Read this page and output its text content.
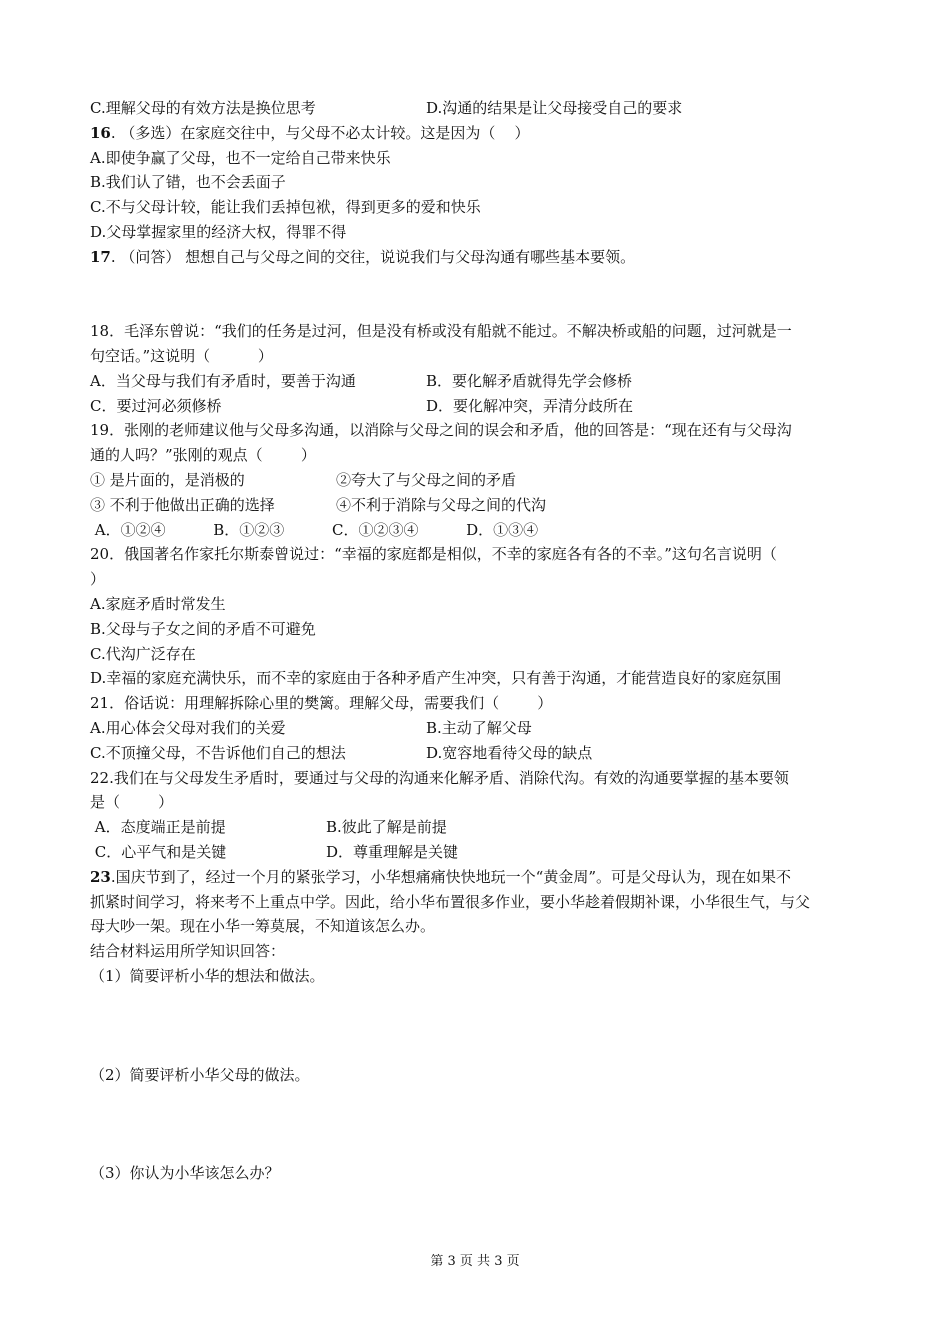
C.理解父母的有效方法是换位思考	D.沟通的结果是让父母接受自己的要求
16. （多选）在家庭交往中，与父母不必太计较。这是因为（    ）
A.即使争赢了父母，也不一定给自己带来快乐
B.我们认了错，也不会丢面子
C.不与父母计较，能让我们丢掉包袱，得到更多的爱和快乐
D.父母掌握家里的经济大权，得罪不得
17. （问答） 想想自己与父母之间的交往，说说我们与父母沟通有哪些基本要领。
18．毛泽东曾说：“我们的任务是过河，但是没有桥或没有船就不能过。不解决桥或船的问题，过河就是一
句空话。”这说明（          ）
A．当父母与我们有矛盾时，要善于沟通	B．要化解矛盾就得先学会修桥
C．要过河必须修桥	D．要化解冲突，弄清分歧所在
19．张刚的老师建议他与父母多沟通，以消除与父母之间的误会和矛盾，他的回答是：“现在还有与父母沟
通的人吗？”张刚的观点（        ）
① 是片面的，是消极的	②夸大了与父母之间的矛盾
③ 不利于他做出正确的选择	④不利于消除与父母之间的代沟
A．①②④          B．①②③          C．①②③④          D．①③④
20．俄国著名作家托尔斯泰曾说过：“幸福的家庭都是相似，不幸的家庭各有各的不幸。”这句名言说明（
）
A.家庭矛盾时常发生
B.父母与子女之间的矛盾不可避免
C.代沟广泛存在
D.幸福的家庭充满快乐，而不幸的家庭由于各种矛盾产生冲突，只有善于沟通，才能营造良好的家庭氛围
21．俗话说：用理解拆除心里的樊篱。理解父母，需要我们（        ）
A.用心体会父母对我们的关爱	B.主动了解父母
C.不顶撞父母，不告诉他们自己的想法	D.宽容地看待父母的缺点
22.我们在与父母发生矛盾时，要通过与父母的沟通来化解矛盾、消除代沟。有效的沟通要掌握的基本要领
是（        ）
A．态度端正是前提	B.彼此了解是前提
C．心平气和是关键	D．尊重理解是关键
23.国庆节到了，经过一个月的紧张学习，小华想痛痛快快地玩一个“黄金周”。可是父母认为，现在如果不
抓紧时间学习，将来考不上重点中学。因此，给小华布置很多作业，要小华趁着假期补课，小华很生气，与父
母大吵一架。现在小华一筹莫展，不知道该怎么办。
结合材料运用所学知识回答：
（1）简要评析小华的想法和做法。
（2）简要评析小华父母的做法。
（3）你认为小华该怎么办？
第 3 页 共 3 页
